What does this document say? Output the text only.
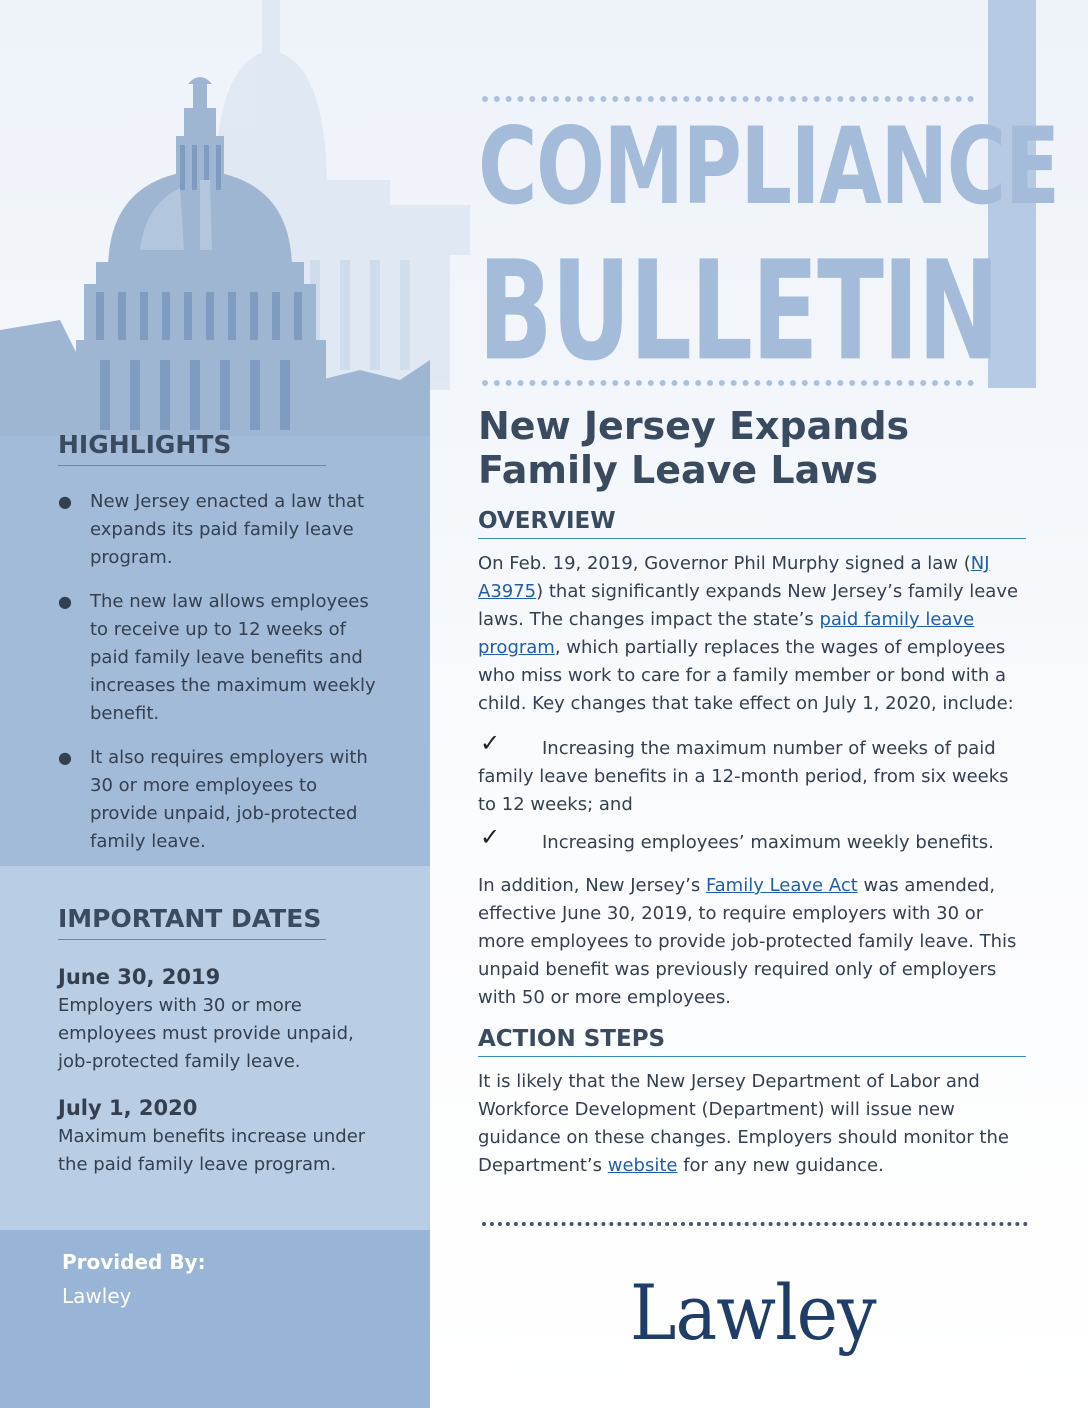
COMPLIANCE
BULLETIN
HIGHLIGHTS
● New Jersey enacted a law that expands its paid family leave program.
● The new law allows employees to receive up to 12 weeks of paid family leave benefits and increases the maximum weekly benefit.
● It also requires employers with 30 or more employees to provide unpaid, job-protected family leave.
IMPORTANT DATES
June 30, 2019
Employers with 30 or more employees must provide unpaid, job-protected family leave.
July 1, 2020
Maximum benefits increase under the paid family leave program.
Provided By:
Lawley
New Jersey Expands Family Leave Laws
OVERVIEW

On Feb. 19, 2019, Governor Phil Murphy signed a law (NJ A3975) that significantly expands New Jersey’s family leave laws. The changes impact the state’s paid family leave program, which partially replaces the wages of employees who miss work to care for a family member or bond with a child. Key changes that take effect on July 1, 2020, include:

✓	Increasing the maximum number of weeks of paid family leave benefits in a 12-month period, from six weeks to 12 weeks; and

✓	Increasing employees’ maximum weekly benefits.

In addition, New Jersey’s Family Leave Act was amended, effective June 30, 2019, to require employers with 30 or more employees to provide job-protected family leave. This unpaid benefit was previously required only of employers with 50 or more employees.

ACTION STEPS

It is likely that the New Jersey Department of Labor and Workforce Development (Department) will issue new guidance on these changes. Employers should monitor the Department’s website for any new guidance.

Lawley
